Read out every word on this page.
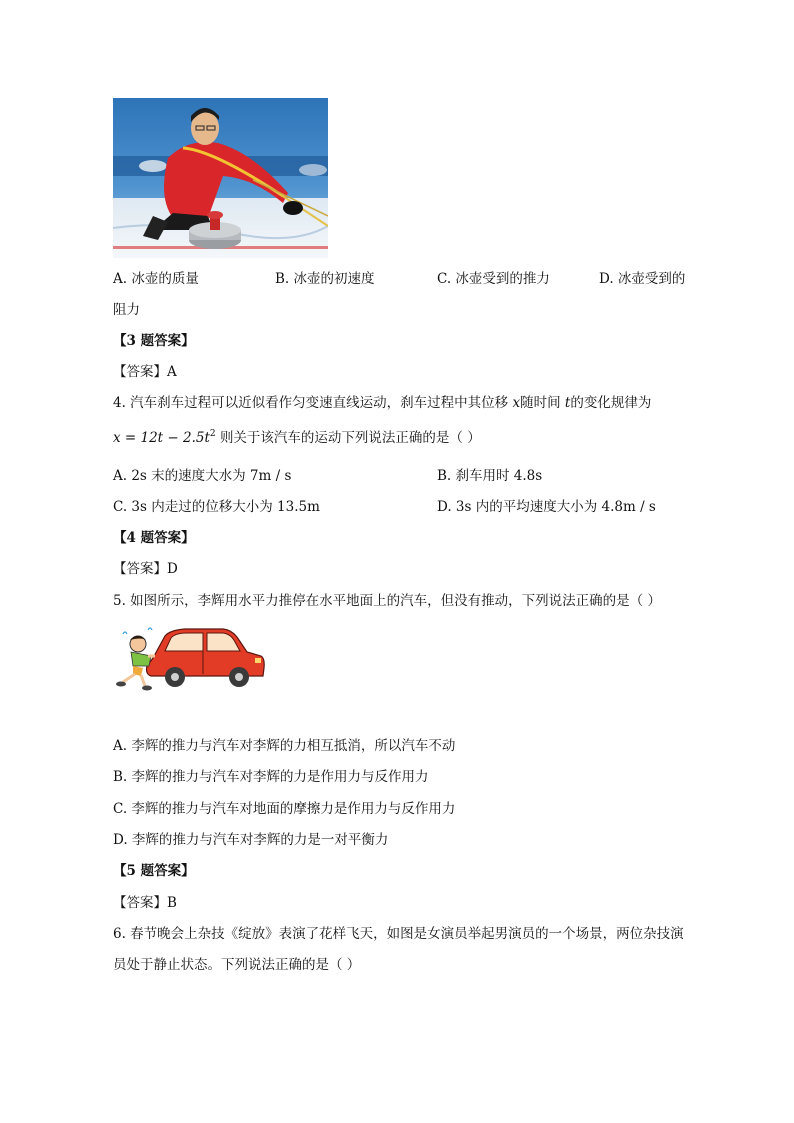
A. 冰壶的质量	B. 冰壶的初速度	C. 冰壶受到的推力	D. 冰壶受到的
阻力
【3 题答案】
【答案】A
4. 汽车刹车过程可以近似看作匀变速直线运动，刹车过程中其位移 x随时间 t的变化规律为
$x = 12t - 2.5t^2$ 则关于该汽车的运动下列说法正确的是（ ）
A. 2s 末的速度大水为 7m / s	B. 刹车用时 4.8s
C. 3s 内走过的位移大小为 13.5m	D. 3s 内的平均速度大小为 4.8m / s
【4 题答案】
【答案】D
5. 如图所示，李辉用水平力推停在水平地面上的汽车，但没有推动，下列说法正确的是（ ）
A. 李辉的推力与汽车对李辉的力相互抵消，所以汽车不动
B. 李辉的推力与汽车对李辉的力是作用力与反作用力
C. 李辉的推力与汽车对地面的摩擦力是作用力与反作用力
D. 李辉的推力与汽车对李辉的力是一对平衡力
【5 题答案】
【答案】B
6. 春节晚会上杂技《绽放》表演了花样飞天，如图是女演员举起男演员的一个场景，两位杂技演
员处于静止状态。下列说法正确的是（ ）
